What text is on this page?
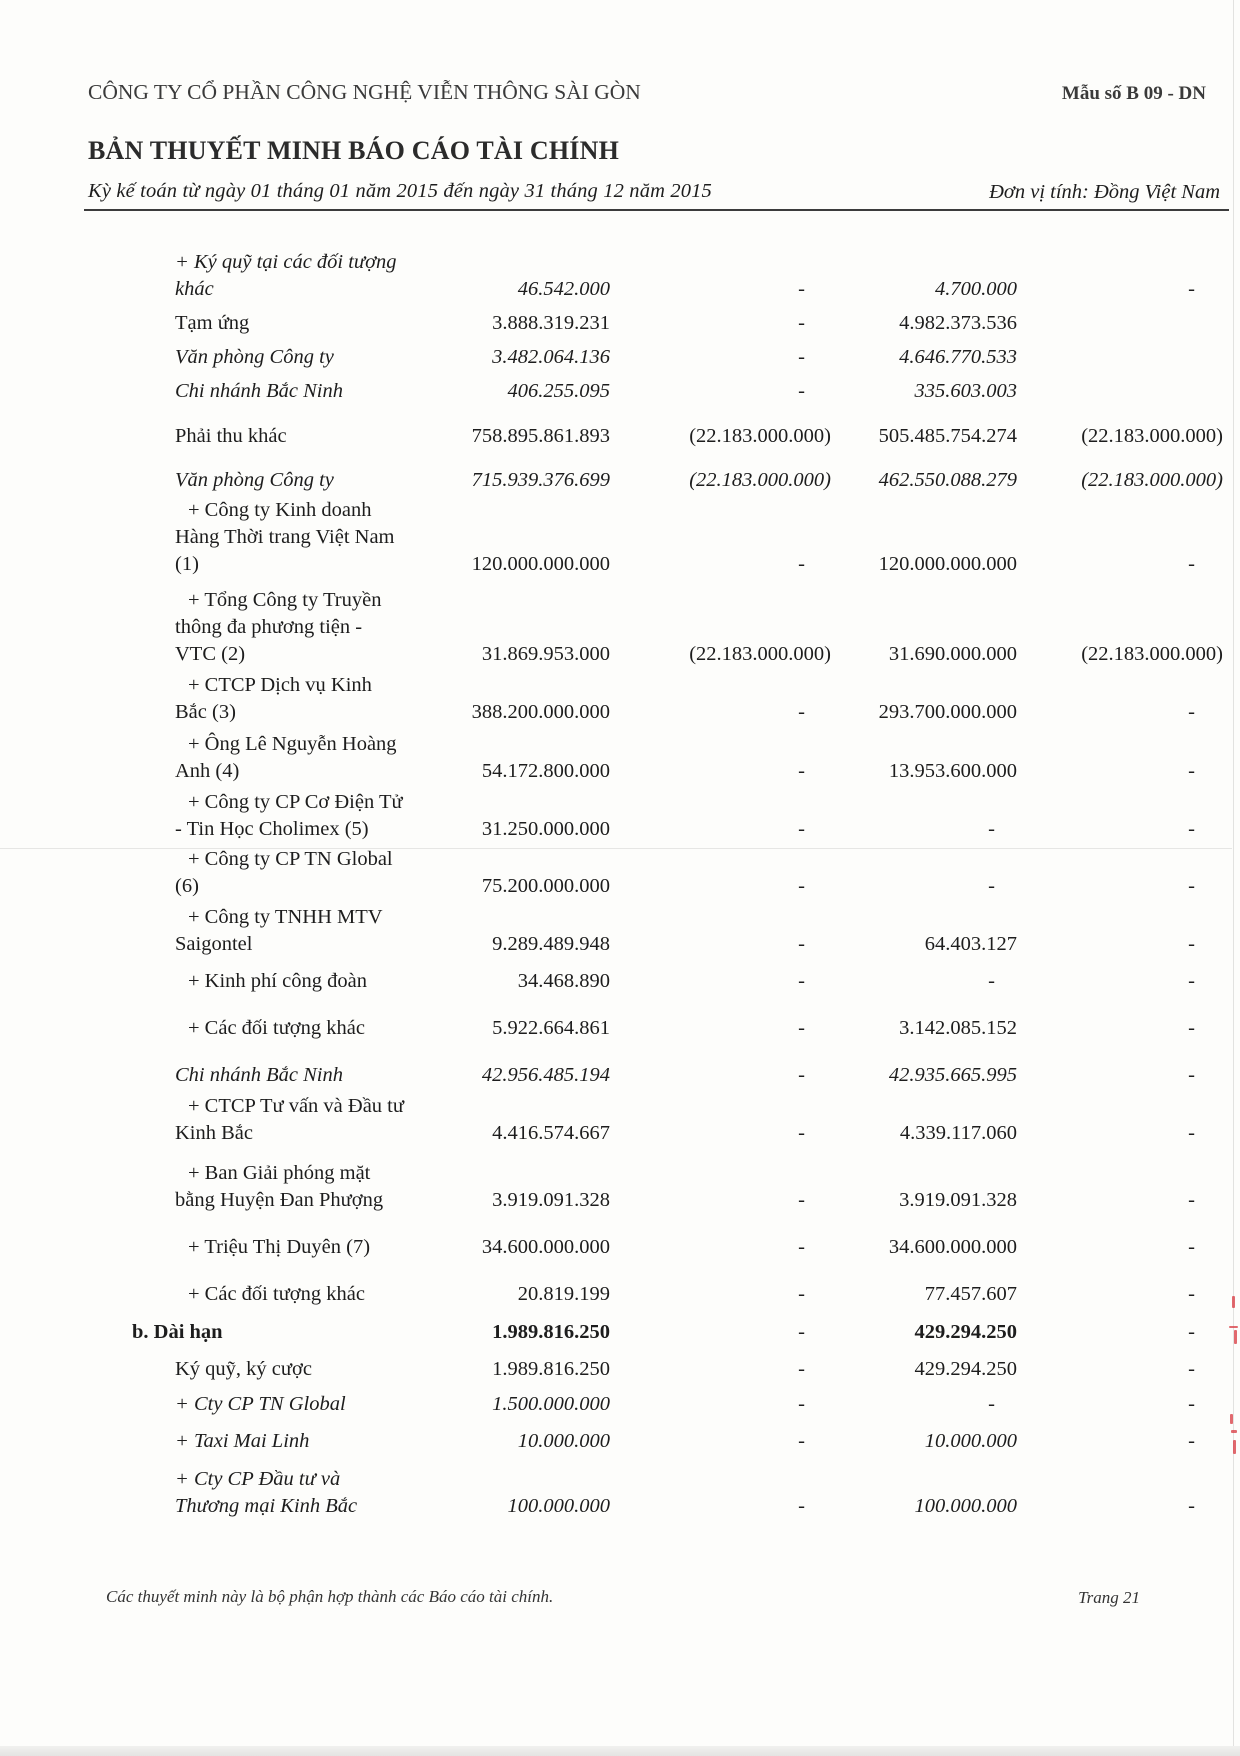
CÔNG TY CỔ PHẦN CÔNG NGHỆ VIỄN THÔNG SÀI GÒN	Mẫu số B 09 - DN
BẢN THUYẾT MINH BÁO CÁO TÀI CHÍNH
Kỳ kế toán từ ngày 01 tháng 01 năm 2015 đến ngày 31 tháng 12 năm 2015	Đơn vị tính: Đồng Việt Nam
+ Ký quỹ tại các đối tượng
khác	46.542.000	-	4.700.000	-
Tạm ứng	3.888.319.231	-	4.982.373.536
Văn phòng Công ty	3.482.064.136	-	4.646.770.533
Chi nhánh Bắc Ninh	406.255.095	-	335.603.003
Phải thu khác	758.895.861.893	(22.183.000.000) 505.485.754.274	(22.183.000.000)
Văn phòng Công ty	715.939.376.699	(22.183.000.000) 462.550.088.279	(22.183.000.000)
+ Công ty Kinh doanh
Hàng Thời trang Việt Nam
(1)	120.000.000.000	-	120.000.000.000	-
+ Tổng Công ty Truyền
thông đa phương tiện -
VTC (2)	31.869.953.000	(22.183.000.000)	31.690.000.000	(22.183.000.000)
+ CTCP Dịch vụ Kinh
Bắc (3)	388.200.000.000	-	293.700.000.000	-
+ Ông Lê Nguyễn Hoàng
Anh (4)	54.172.800.000	-	13.953.600.000	-
+ Công ty CP Cơ Điện Tử
- Tin Học Cholimex (5)	31.250.000.000	-	-	-
+ Công ty CP TN Global
(6)	75.200.000.000	-	-	-
+ Công ty TNHH MTV
Saigontel	9.289.489.948	-	64.403.127	-
+ Kinh phí công đoàn	34.468.890	-	-	-
+ Các đối tượng khác	5.922.664.861	-	3.142.085.152	-
Chi nhánh Bắc Ninh	42.956.485.194	-	42.935.665.995	-
+ CTCP Tư vấn và Đầu tư
Kinh Bắc	4.416.574.667	-	4.339.117.060	-
+ Ban Giải phóng mặt
bằng Huyện Đan Phượng	3.919.091.328	-	3.919.091.328	-
+ Triệu Thị Duyên (7)	34.600.000.000	-	34.600.000.000	-
+ Các đối tượng khác	20.819.199	-	77.457.607	-
b. Dài hạn	1.989.816.250	-	429.294.250	-
Ký quỹ, ký cược	1.989.816.250	-	429.294.250	-
+ Cty CP TN Global	1.500.000.000	-	-	-
+ Taxi Mai Linh	10.000.000	-	10.000.000	-
+ Cty CP Đầu tư và
Thương mại Kinh Bắc	100.000.000	-	100.000.000	-
Các thuyết minh này là bộ phận hợp thành các Báo cáo tài chính.	Trang 21
